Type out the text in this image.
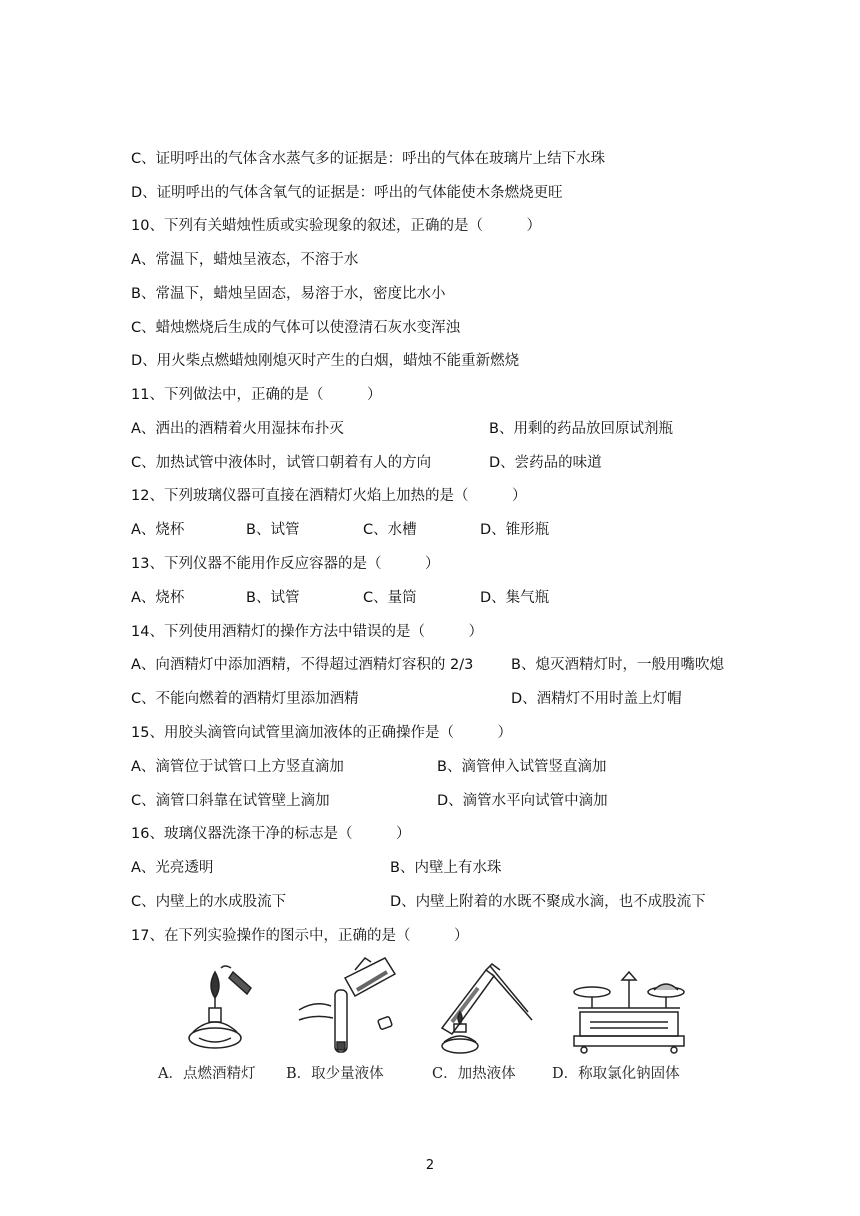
C、证明呼出的气体含水蒸气多的证据是：呼出的气体在玻璃片上结下水珠
D、证明呼出的气体含氧气的证据是：呼出的气体能使木条燃烧更旺
10、下列有关蜡烛性质或实验现象的叙述，正确的是（　　　）
A、常温下，蜡烛呈液态，不溶于水
B、常温下，蜡烛呈固态，易溶于水，密度比水小
C、蜡烛燃烧后生成的气体可以使澄清石灰水变浑浊
D、用火柴点燃蜡烛刚熄灭时产生的白烟，蜡烛不能重新燃烧
11、下列做法中，正确的是（　　　）
A、洒出的酒精着火用湿抹布扑灭	B、用剩的药品放回原试剂瓶
C、加热试管中液体时，试管口朝着有人的方向	D、尝药品的味道
12、下列玻璃仪器可直接在酒精灯火焰上加热的是（　　　）
A、烧杯	B、试管	C、水槽	D、锥形瓶
13、下列仪器不能用作反应容器的是（　　　）
A、烧杯	B、试管	C、量筒	D、集气瓶
14、下列使用酒精灯的操作方法中错误的是（　　　）
A、向酒精灯中添加酒精，不得超过酒精灯容积的 2/3	B、熄灭酒精灯时，一般用嘴吹熄
C、不能向燃着的酒精灯里添加酒精	D、酒精灯不用时盖上灯帽
15、用胶头滴管向试管里滴加液体的正确操作是（　　　）
A、滴管位于试管口上方竖直滴加	B、滴管伸入试管竖直滴加
C、滴管口斜靠在试管壁上滴加	D、滴管水平向试管中滴加
16、玻璃仪器洗涤干净的标志是（　　　）
A、光亮透明	B、内壁上有水珠
C、内壁上的水成股流下	D、内壁上附着的水既不聚成水滴，也不成股流下
17、在下列实验操作的图示中，正确的是（　　　）
A．点燃酒精灯 B．取少量液体	C．加热液体	D．称取氯化钠固体
2
